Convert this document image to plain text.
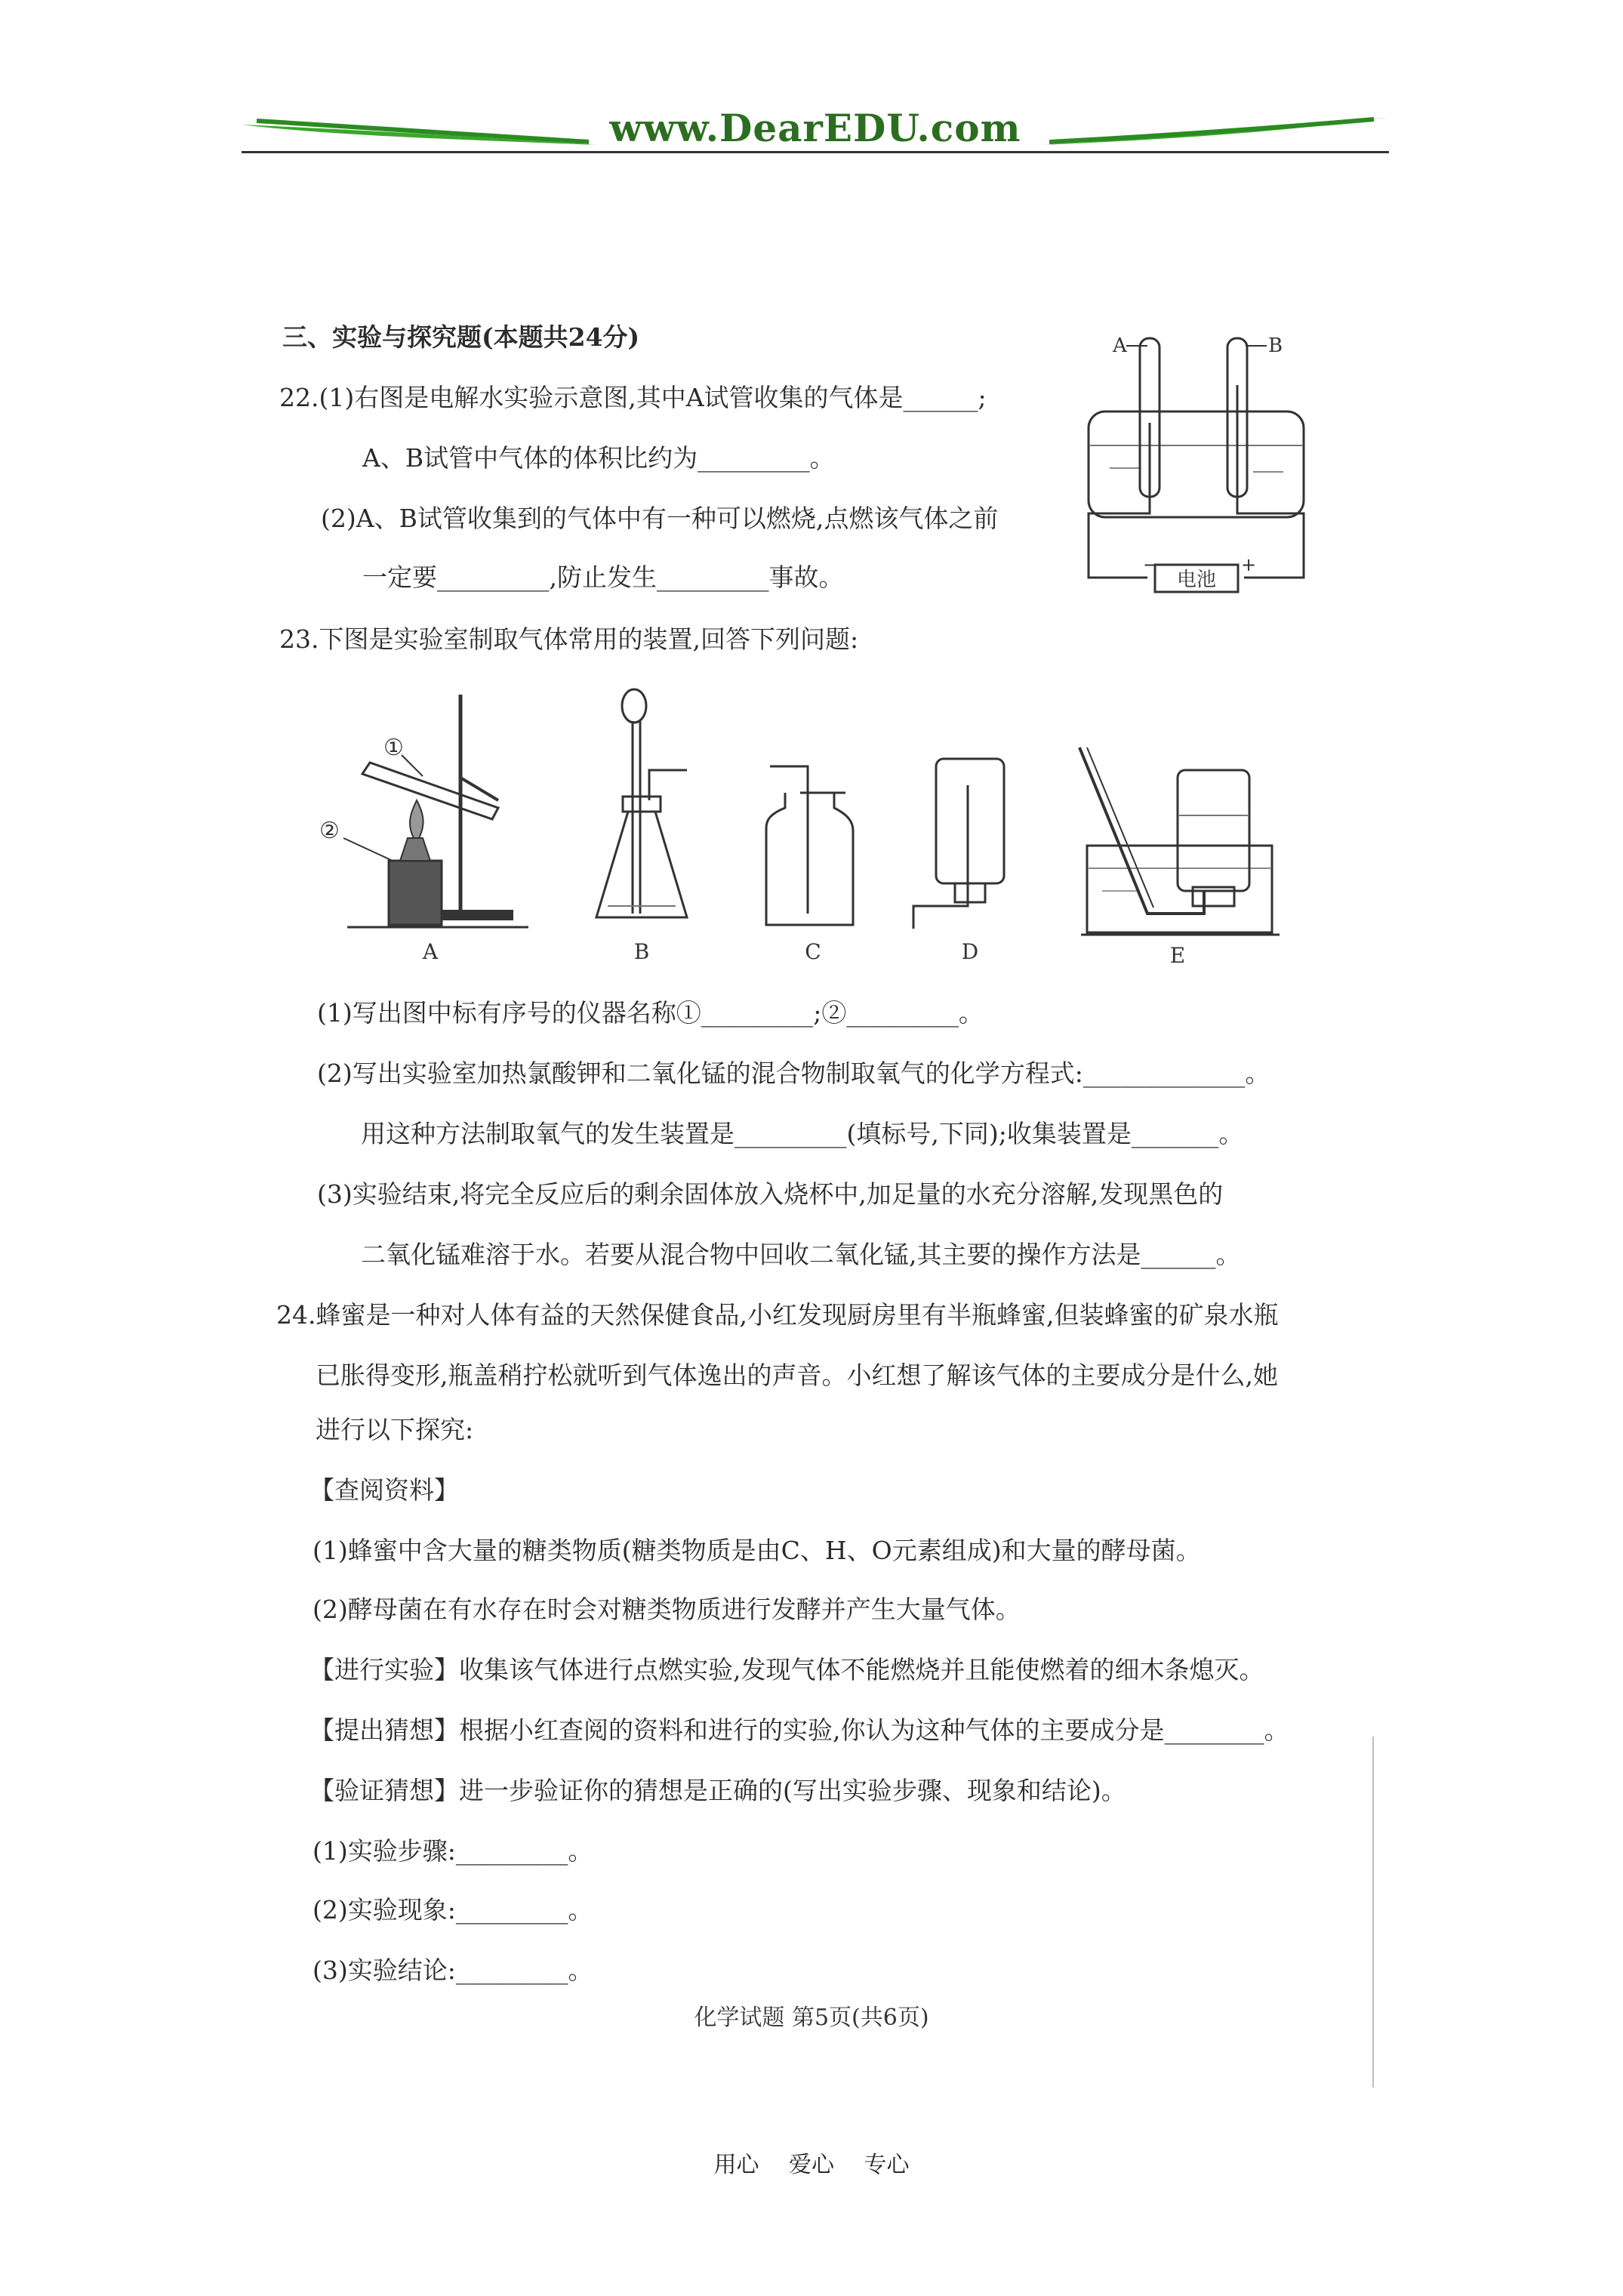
www.DearEDU.com
三、实验与探究题(本题共24分)
22.(1)右图是电解水实验示意图,其中A试管收集的气体是______;
A、B试管中气体的体积比约为_________。
(2)A、B试管收集到的气体中有一种可以燃烧,点燃该气体之前
一定要_________,防止发生_________事故。
A	B
−	+
电池
23.下图是实验室制取气体常用的装置,回答下列问题:
①
②
A	B	C	D	E
(1)写出图中标有序号的仪器名称①_________;②_________。
(2)写出实验室加热氯酸钾和二氧化锰的混合物制取氧气的化学方程式:_____________。
用这种方法制取氧气的发生装置是_________(填标号,下同);收集装置是_______。
(3)实验结束,将完全反应后的剩余固体放入烧杯中,加足量的水充分溶解,发现黑色的
二氧化锰难溶于水。若要从混合物中回收二氧化锰,其主要的操作方法是______。
24.蜂蜜是一种对人体有益的天然保健食品,小红发现厨房里有半瓶蜂蜜,但装蜂蜜的矿泉水瓶
已胀得变形,瓶盖稍拧松就听到气体逸出的声音。小红想了解该气体的主要成分是什么,她
进行以下探究:
【查阅资料】
(1)蜂蜜中含大量的糖类物质(糖类物质是由C、H、O元素组成)和大量的酵母菌。
(2)酵母菌在有水存在时会对糖类物质进行发酵并产生大量气体。
【进行实验】收集该气体进行点燃实验,发现气体不能燃烧并且能使燃着的细木条熄灭。
【提出猜想】根据小红查阅的资料和进行的实验,你认为这种气体的主要成分是________。
【验证猜想】进一步验证你的猜想是正确的(写出实验步骤、现象和结论)。
(1)实验步骤:_________。
(2)实验现象:_________。
(3)实验结论:_________。
化学试题 第5页(共6页)
用心 爱心 专心
